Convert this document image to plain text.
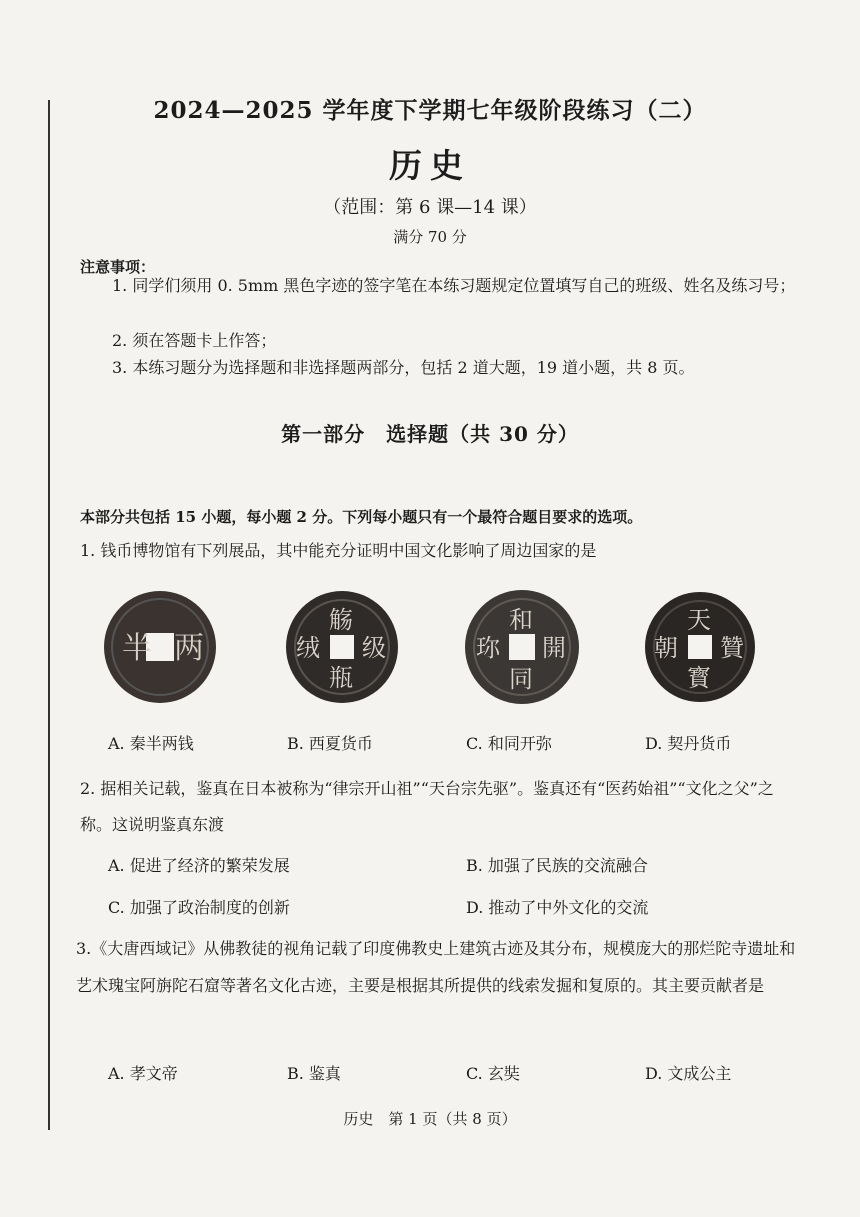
2024—2025 学年度下学期七年级阶段练习（二）
历史
（范围：第 6 课—14 课）
满分 70 分
注意事项：
1. 同学们须用 0. 5mm 黑色字迹的签字笔在本练习题规定位置填写自己的班级、姓名及练习号；
2. 须在答题卡上作答；
3. 本练习题分为选择题和非选择题两部分，包括 2 道大题，19 道小题，共 8 页。
第一部分　选择题（共 30 分）
本部分共包括 15 小题，每小题 2 分。下列每小题只有一个最符合题目要求的选项。
1. 钱币博物馆有下列展品，其中能充分证明中国文化影响了周边国家的是
半 两
觞
瓶
绒 级
和
同
開
珎
天
贊
寳
朝
A. 秦半两钱	B. 西夏货币	C. 和同开弥	D. 契丹货币
2. 据相关记载，鉴真在日本被称为“律宗开山祖”“天台宗先驱”。鉴真还有“医药始祖”“文化之父”之称。这说明鉴真东渡
A. 促进了经济的繁荣发展	B. 加强了民族的交流融合
C. 加强了政治制度的创新	D. 推动了中外文化的交流
3.《大唐西域记》从佛教徒的视角记载了印度佛教史上建筑古迹及其分布，规模庞大的那烂陀寺遗址和艺术瑰宝阿旃陀石窟等著名文化古迹，主要是根据其所提供的线索发掘和复原的。其主要贡献者是
A. 孝文帝	B. 鉴真	C. 玄奘	D. 文成公主
历史　第 1 页（共 8 页）
